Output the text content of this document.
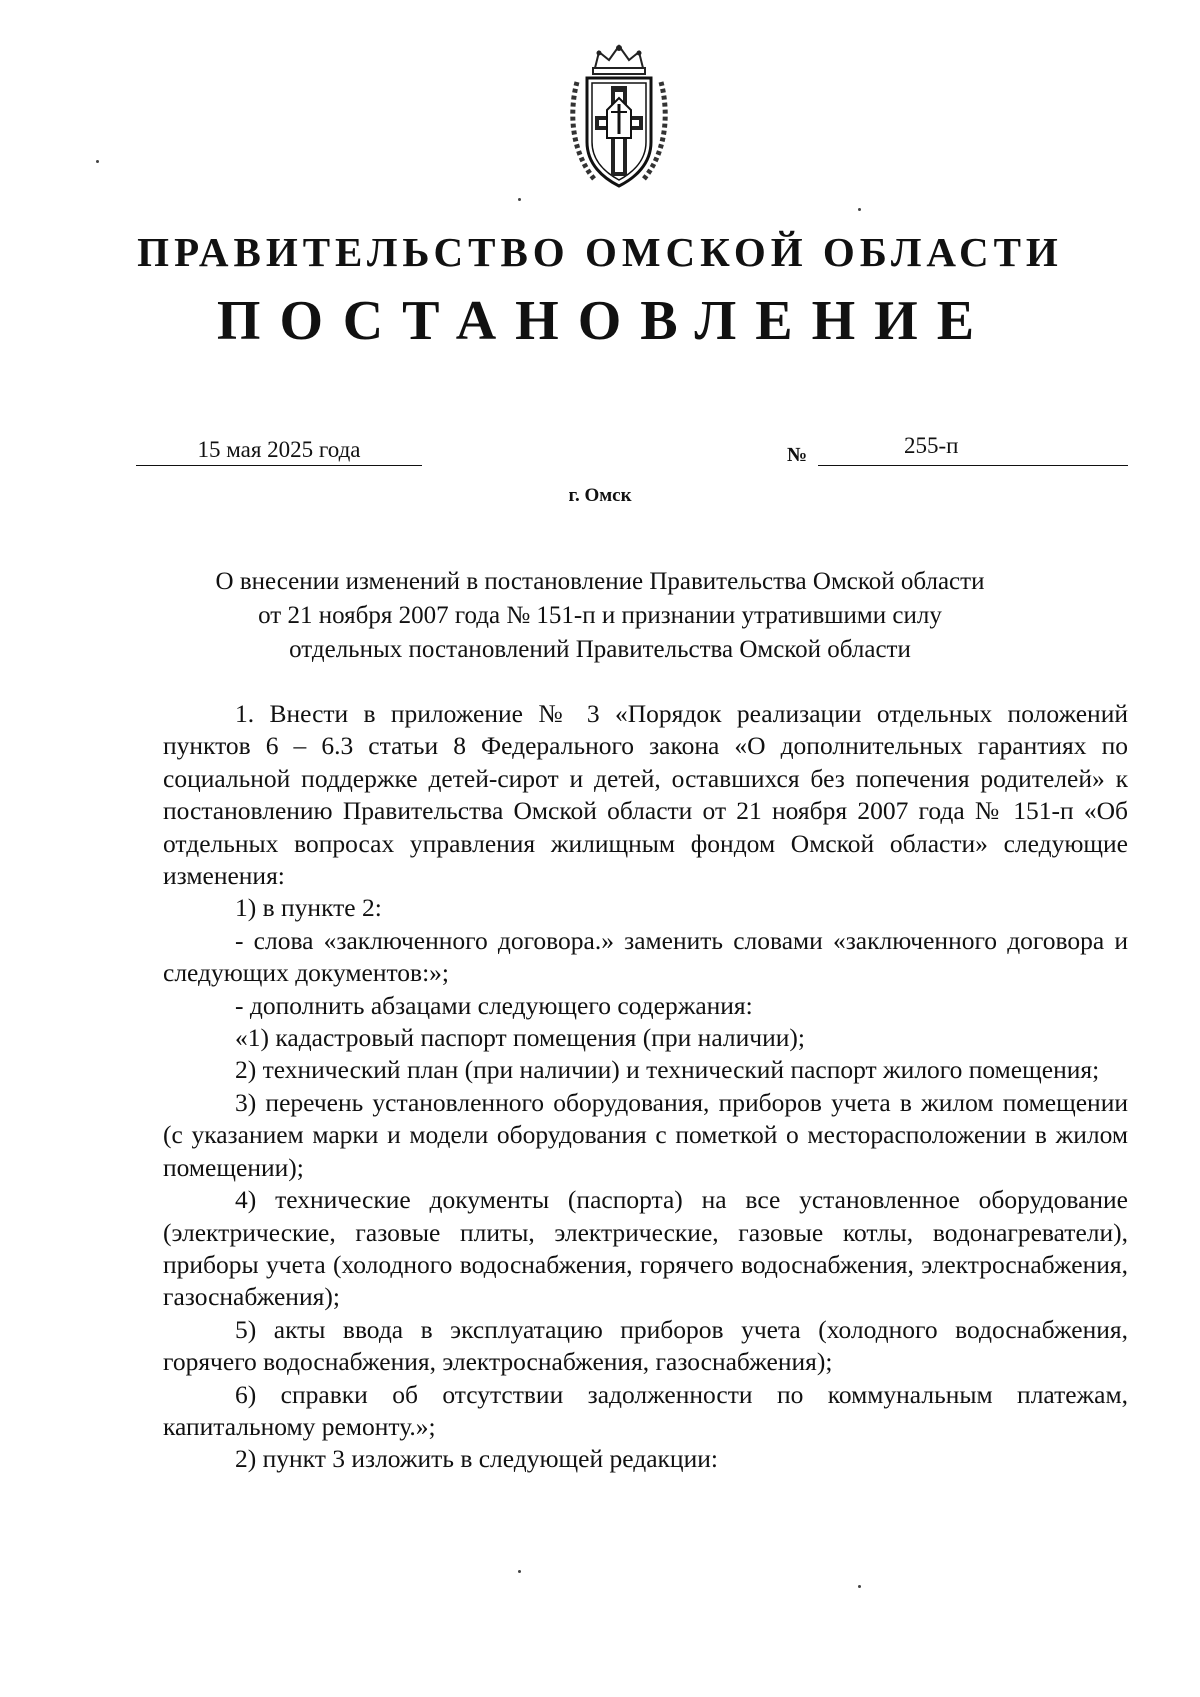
ПРАВИТЕЛЬСТВО ОМСКОЙ ОБЛАСТИ
ПОСТАНОВЛЕНИЕ
15 мая 2025 года	№	255-п
г. Омск
О внесении изменений в постановление Правительства Омской области
от 21 ноября 2007 года № 151-п и признании утратившими силу
отдельных постановлений Правительства Омской области

1. Внести в приложение № 3 «Порядок реализации отдельных положений пунктов 6 – 6.3 статьи 8 Федерального закона «О дополнительных гарантиях по социальной поддержке детей-сирот и детей, оставшихся без попечения родителей» к постановлению Правительства Омской области от 21 ноября 2007 года № 151-п «Об отдельных вопросах управления жилищным фондом Омской области» следующие изменения:

1) в пункте 2:

- слова «заключенного договора.» заменить словами «заключенного договора и следующих документов:»;

- дополнить абзацами следующего содержания:

«1) кадастровый паспорт помещения (при наличии);

2) технический план (при наличии) и технический паспорт жилого помещения;

3) перечень установленного оборудования, приборов учета в жилом помещении (с указанием марки и модели оборудования с пометкой о месторасположении в жилом помещении);

4) технические документы (паспорта) на все установленное оборудование (электрические, газовые плиты, электрические, газовые котлы, водонагреватели), приборы учета (холодного водоснабжения, горячего водоснабжения, электроснабжения, газоснабжения);

5) акты ввода в эксплуатацию приборов учета (холодного водоснабжения, горячего водоснабжения, электроснабжения, газоснабжения);

6) справки об отсутствии задолженности по коммунальным платежам, капитальному ремонту.»;

2) пункт 3 изложить в следующей редакции:
